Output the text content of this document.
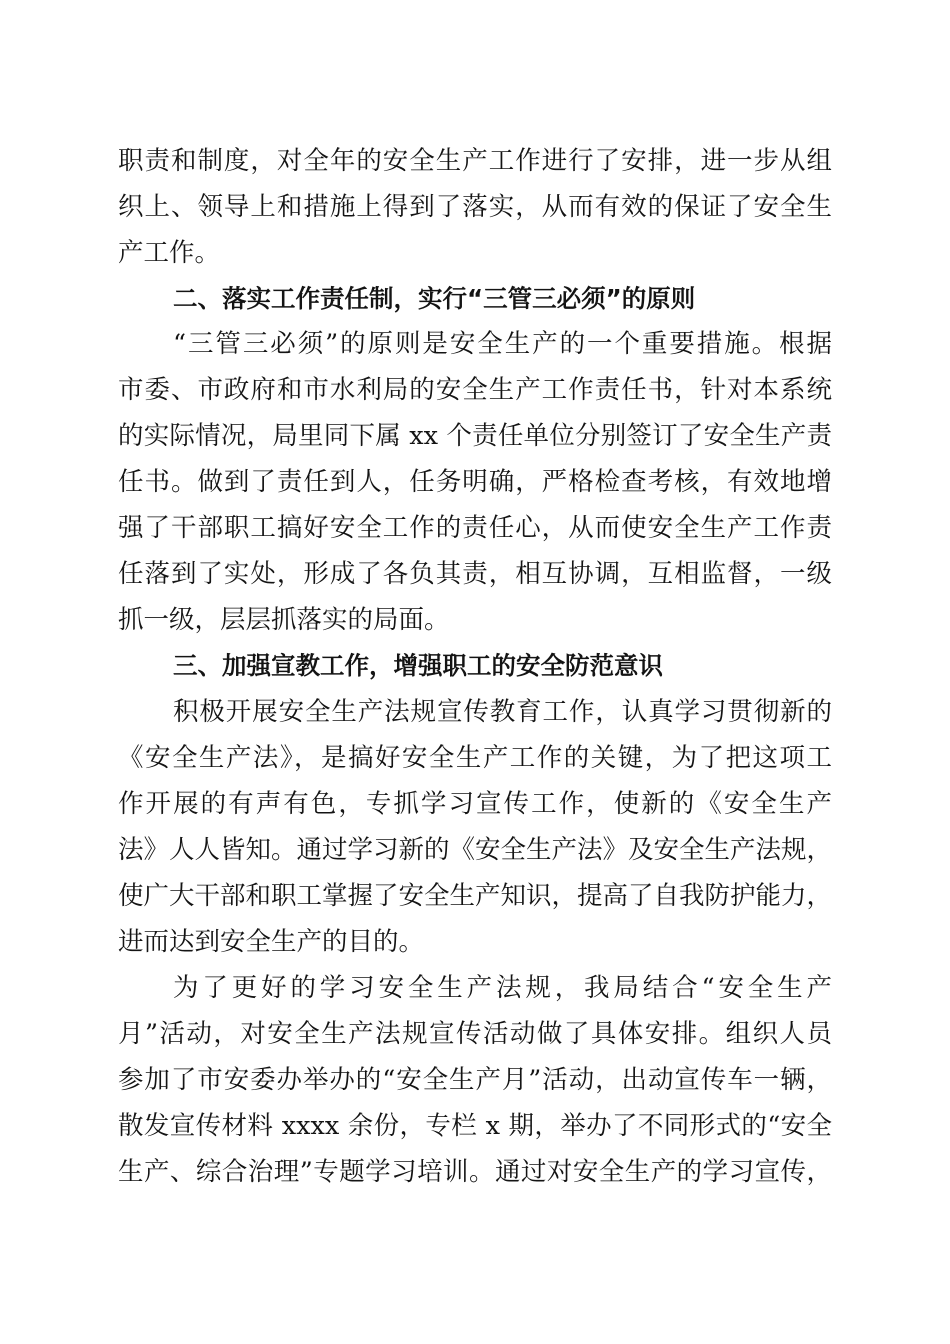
职责和制度，对全年的安全生产工作进行了安排，进一步从组
织上、领导上和措施上得到了落实，从而有效的保证了安全生
产工作。
二、落实工作责任制，实行“三管三必须”的原则
“三管三必须”的原则是安全生产的一个重要措施。根据
市委、市政府和市水利局的安全生产工作责任书，针对本系统
的实际情况，局里同下属 xx 个责任单位分别签订了安全生产责
任书。做到了责任到人，任务明确，严格检查考核，有效地增
强了干部职工搞好安全工作的责任心，从而使安全生产工作责
任落到了实处，形成了各负其责，相互协调，互相监督，一级
抓一级，层层抓落实的局面。
三、加强宣教工作，增强职工的安全防范意识
积极开展安全生产法规宣传教育工作，认真学习贯彻新的
《安全生产法》，是搞好安全生产工作的关键，为了把这项工
作开展的有声有色，专抓学习宣传工作，使新的《安全生产
法》人人皆知。通过学习新的《安全生产法》及安全生产法规，
使广大干部和职工掌握了安全生产知识，提高了自我防护能力，
进而达到安全生产的目的。
为了更好的学习安全生产法规，我局结合“安全生产
月”活动，对安全生产法规宣传活动做了具体安排。组织人员
参加了市安委办举办的“安全生产月”活动，出动宣传车一辆，
散发宣传材料 xxxx 余份，专栏 x 期，举办了不同形式的“安全
生产、综合治理”专题学习培训。通过对安全生产的学习宣传，
